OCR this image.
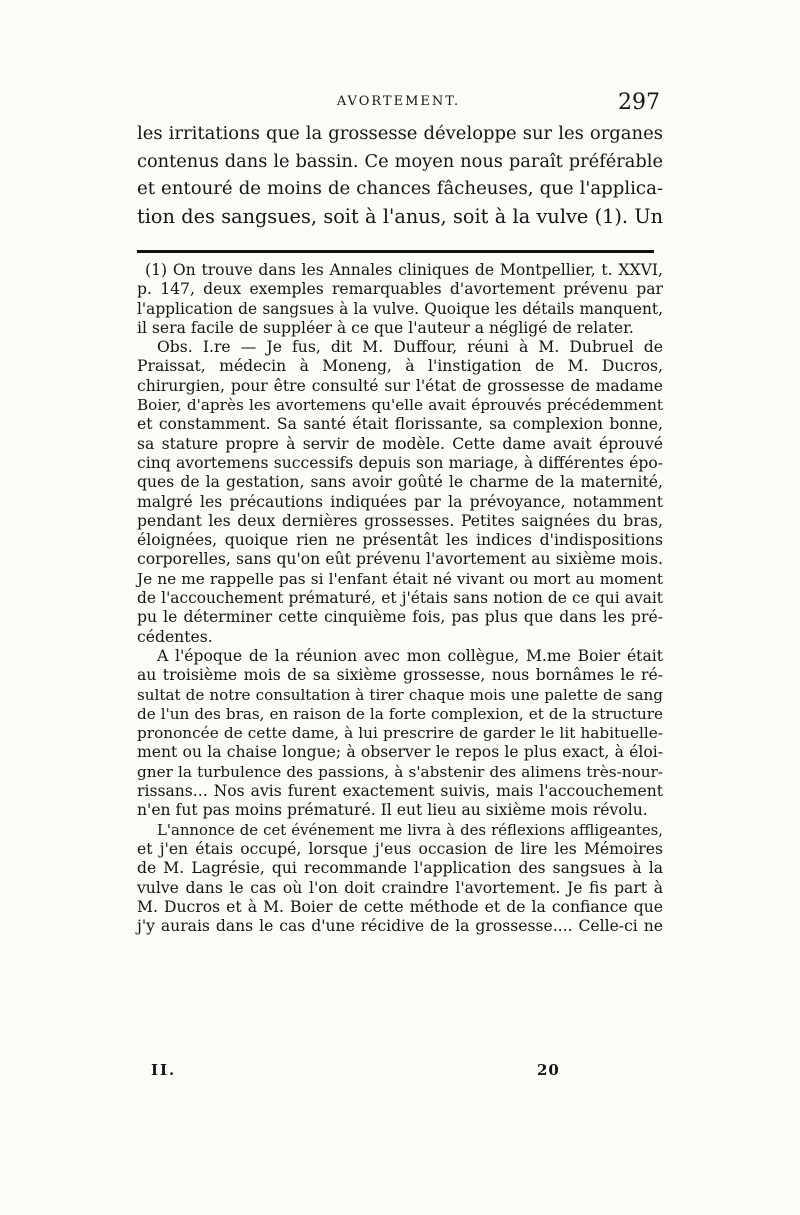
AVORTEMENT.	297
les irritations que la grossesse développe sur les organes
contenus dans le bassin. Ce moyen nous paraît préférable
et entouré de moins de chances fâcheuses, que l'applica-
tion des sangsues, soit à l'anus, soit à la vulve (1). Un
(1) On trouve dans les Annales cliniques de Montpellier, t. XXVI,
p. 147, deux exemples remarquables d'avortement prévenu par
l'application de sangsues à la vulve. Quoique les détails manquent,
il sera facile de suppléer à ce que l'auteur a négligé de relater.
Obs. I.re — Je fus, dit M. Duffour, réuni à M. Dubruel de
Praissat, médecin à Moneng, à l'instigation de M. Ducros,
chirurgien, pour être consulté sur l'état de grossesse de madame
Boier, d'après les avortemens qu'elle avait éprouvés précédemment
et constamment. Sa santé était florissante, sa complexion bonne,
sa stature propre à servir de modèle. Cette dame avait éprouvé
cinq avortemens successifs depuis son mariage, à différentes épo-
ques de la gestation, sans avoir goûté le charme de la maternité,
malgré les précautions indiquées par la prévoyance, notamment
pendant les deux dernières grossesses. Petites saignées du bras,
éloignées, quoique rien ne présentât les indices d'indispositions
corporelles, sans qu'on eût prévenu l'avortement au sixième mois.
Je ne me rappelle pas si l'enfant était né vivant ou mort au moment
de l'accouchement prématuré, et j'étais sans notion de ce qui avait
pu le déterminer cette cinquième fois, pas plus que dans les pré-
cédentes.
A l'époque de la réunion avec mon collègue, M.me Boier était
au troisième mois de sa sixième grossesse, nous bornâmes le ré-
sultat de notre consultation à tirer chaque mois une palette de sang
de l'un des bras, en raison de la forte complexion, et de la structure
prononcée de cette dame, à lui prescrire de garder le lit habituelle-
ment ou la chaise longue; à observer le repos le plus exact, à éloi-
gner la turbulence des passions, à s'abstenir des alimens très-nour-
rissans... Nos avis furent exactement suivis, mais l'accouchement
n'en fut pas moins prématuré. Il eut lieu au sixième mois révolu.
L'annonce de cet événement me livra à des réflexions affligeantes,
et j'en étais occupé, lorsque j'eus occasion de lire les Mémoires
de M. Lagrésie, qui recommande l'application des sangsues à la
vulve dans le cas où l'on doit craindre l'avortement. Je fis part à
M. Ducros et à M. Boier de cette méthode et de la confiance que
j'y aurais dans le cas d'une récidive de la grossesse.... Celle-ci ne
II.	20
